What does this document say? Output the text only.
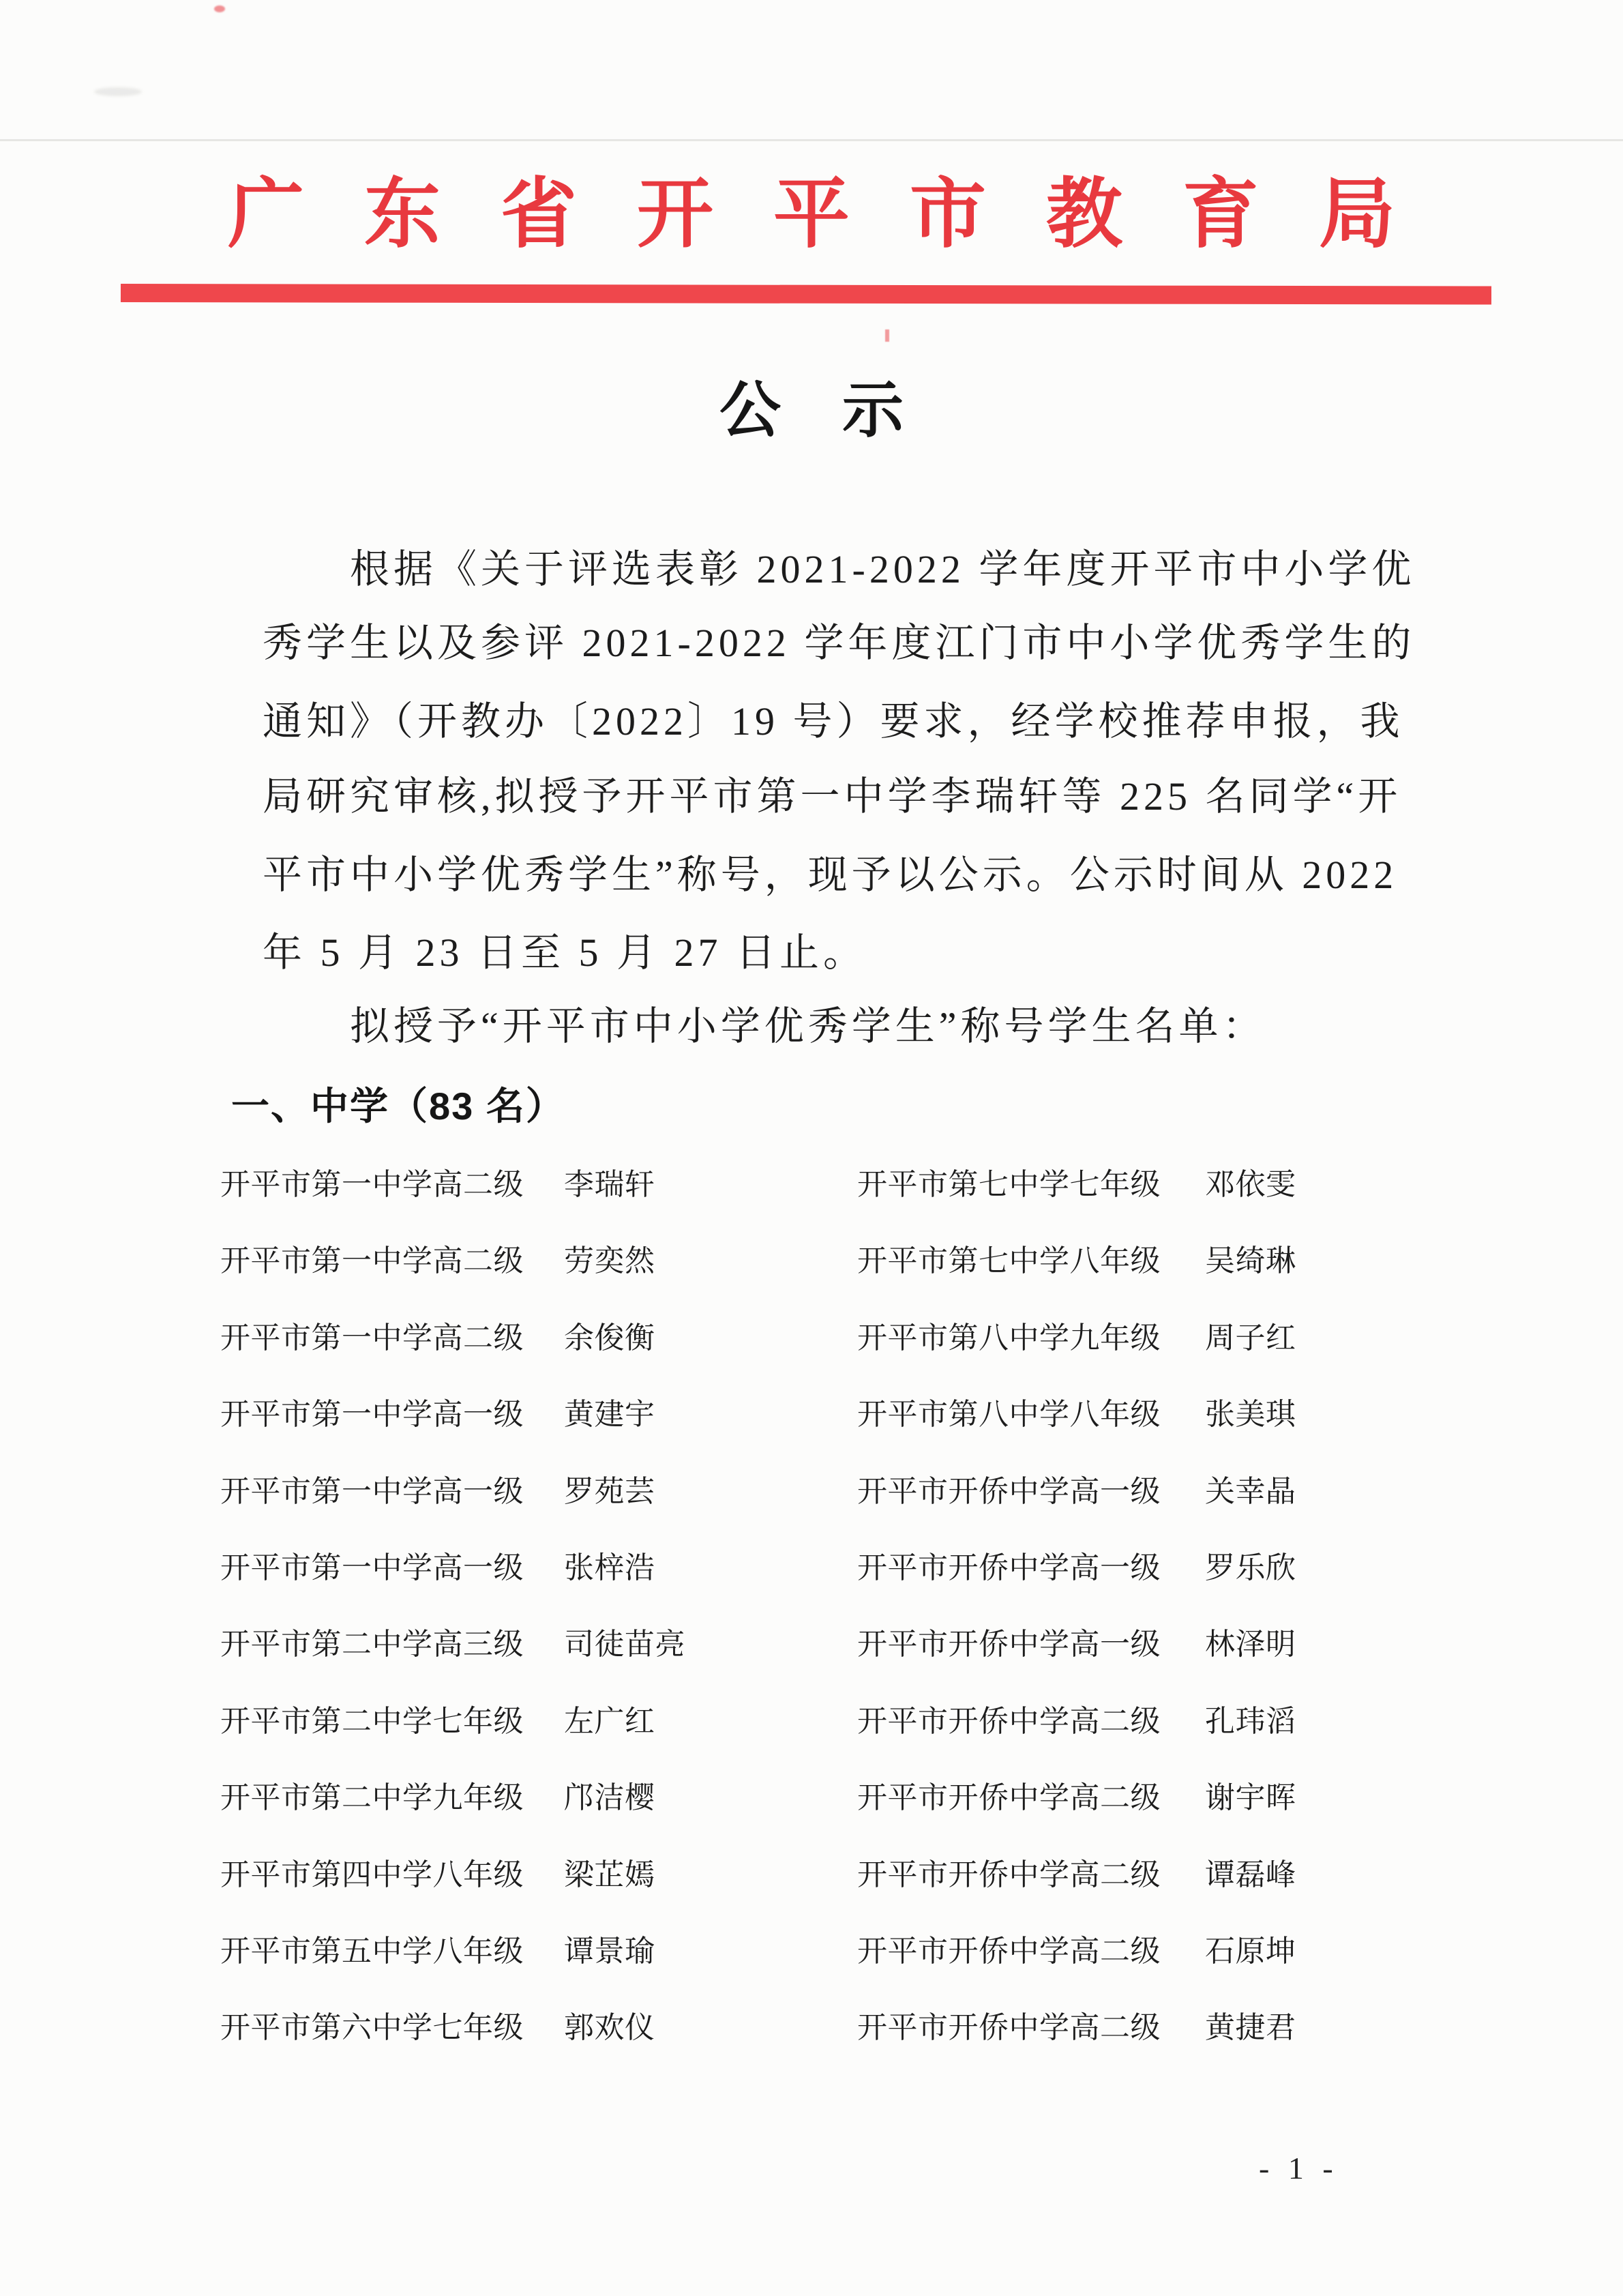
广东省开平市教育局
公　示
根据《关于评选表彰 2021-2022 学年度开平市中小学优
秀学生以及参评 2021-2022 学年度江门市中小学优秀学生的
通知》（开教办〔2022〕19 号）要求，经学校推荐申报，我
局研究审核,拟授予开平市第一中学李瑞轩等 225 名同学“开
平市中小学优秀学生”称号，现予以公示。公示时间从 2022
年 5 月 23 日至 5 月 27 日止。
拟授予“开平市中小学优秀学生”称号学生名单：
一、中学（83 名）
开平市第一中学高二级 李瑞轩
开平市第一中学高二级 劳奕然
开平市第一中学高二级 余俊衡
开平市第一中学高一级 黄建宇
开平市第一中学高一级 罗苑芸
开平市第一中学高一级 张梓浩
开平市第二中学高三级 司徒苗亮
开平市第二中学七年级 左广红
开平市第二中学九年级 邝洁樱
开平市第四中学八年级 梁芷嫣
开平市第五中学八年级 谭景瑜
开平市第六中学七年级 郭欢仪
开平市第七中学七年级 邓依雯
开平市第七中学八年级 吴绮琳
开平市第八中学九年级 周子红
开平市第八中学八年级 张美琪
开平市开侨中学高一级 关幸晶
开平市开侨中学高一级 罗乐欣
开平市开侨中学高一级 林泽明
开平市开侨中学高二级 孔玮滔
开平市开侨中学高二级 谢宇晖
开平市开侨中学高二级 谭磊峰
开平市开侨中学高二级 石原坤
开平市开侨中学高二级 黄捷君
- 1 -
